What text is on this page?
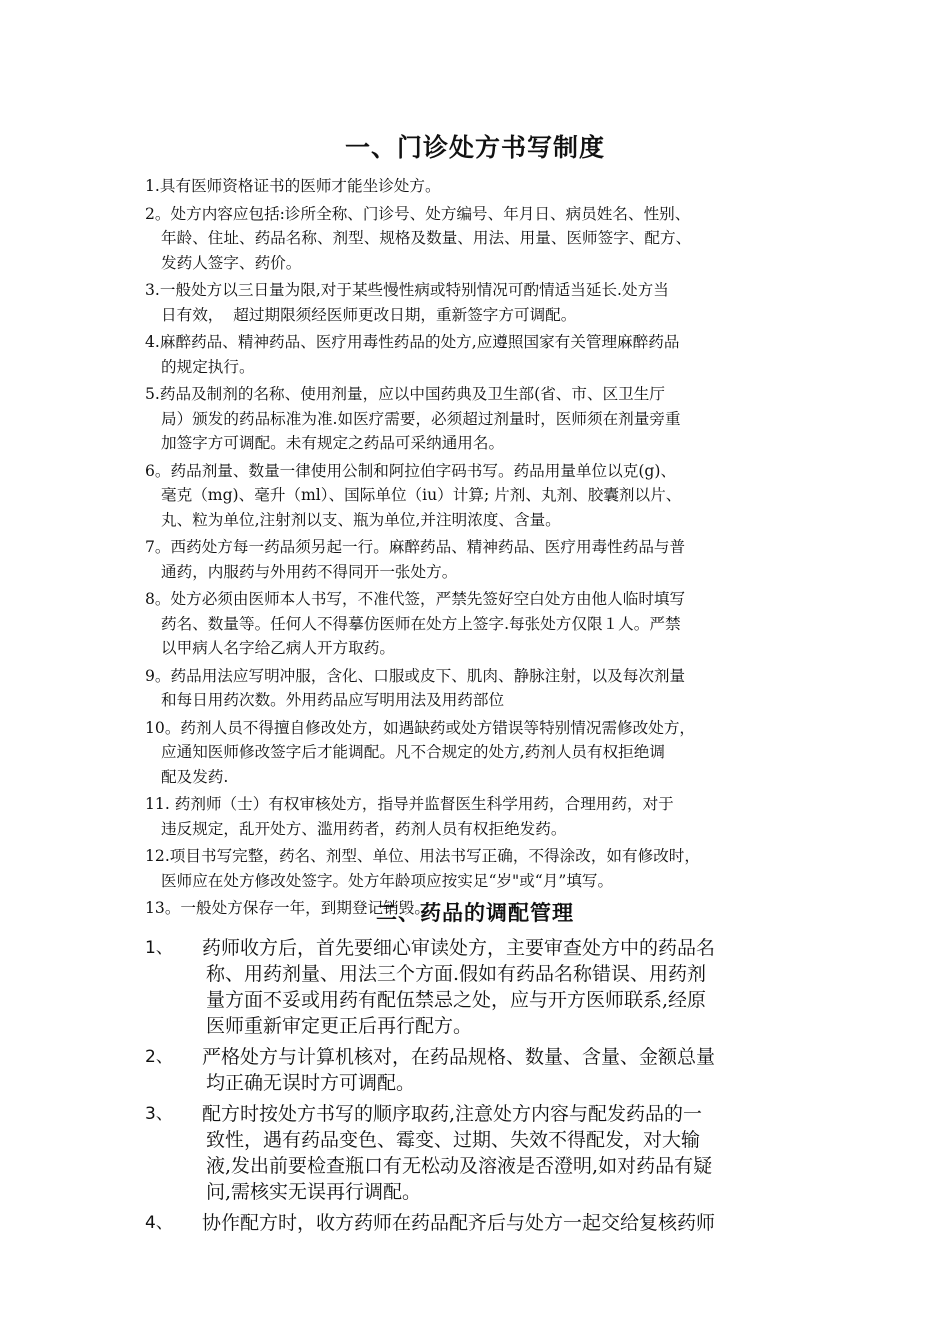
一、门诊处方书写制度
1.具有医师资格证书的医师才能坐诊处方。
2。处方内容应包括:诊所全称、门诊号、处方编号、年月日、病员姓名、性别、
年龄、住址、药品名称、剂型、规格及数量、用法、用量、医师签字、配方、
发药人签字、药价。
3.一般处方以三日量为限,对于某些慢性病或特别情况可酌情适当延长.处方当
日有效，  超过期限须经医师更改日期，重新签字方可调配。
4.麻醉药品、精神药品、医疗用毒性药品的处方,应遵照国家有关管理麻醉药品
的规定执行。
5.药品及制剂的名称、使用剂量，应以中国药典及卫生部(省、市、区卫生厅
局）颁发的药品标准为准.如医疗需要，必须超过剂量时，医师须在剂量旁重
加签字方可调配。未有规定之药品可采纳通用名。
6。药品剂量、数量一律使用公制和阿拉伯字码书写。药品用量单位以克(g)、
毫克（mg)、毫升（ml）、国际单位（iu）计算; 片剂、丸剂、胶囊剂以片、
丸、粒为单位,注射剂以支、瓶为单位,并注明浓度、含量。
7。西药处方每一药品须另起一行。麻醉药品、精神药品、医疗用毒性药品与普
通药，内服药与外用药不得同开一张处方。
8。处方必须由医师本人书写，不准代签，严禁先签好空白处方由他人临时填写
药名、数量等。任何人不得摹仿医师在处方上签字.每张处方仅限１人。严禁
以甲病人名字给乙病人开方取药。
9。药品用法应写明冲服，含化、口服或皮下、肌肉、静脉注射，以及每次剂量
和每日用药次数。外用药品应写明用法及用药部位
10。药剂人员不得擅自修改处方，如遇缺药或处方错误等特别情况需修改处方，
应通知医师修改签字后才能调配。凡不合规定的处方,药剂人员有权拒绝调
配及发药.
11. 药剂师（士）有权审核处方，指导并监督医生科学用药，合理用药，对于
违反规定，乱开处方、滥用药者，药剂人员有权拒绝发药。
12.项目书写完整，药名、剂型、单位、用法书写正确，不得涂改，如有修改时，
医师应在处方修改处签字。处方年龄项应按实足“岁"或“月”填写。
13。一般处方保存一年，到期登记销毁。
二、药品的调配管理
1、	药师收方后，首先要细心审读处方，主要审查处方中的药品名
称、用药剂量、用法三个方面.假如有药品名称错误、用药剂
量方面不妥或用药有配伍禁忌之处，应与开方医师联系,经原
医师重新审定更正后再行配方。
2、	严格处方与计算机核对，在药品规格、数量、含量、金额总量
均正确无误时方可调配。
3、	配方时按处方书写的顺序取药,注意处方内容与配发药品的一
致性，遇有药品变色、霉变、过期、失效不得配发，对大输
液,发出前要检查瓶口有无松动及溶液是否澄明,如对药品有疑
问,需核实无误再行调配。
4、	协作配方时，收方药师在药品配齐后与处方一起交给复核药师
